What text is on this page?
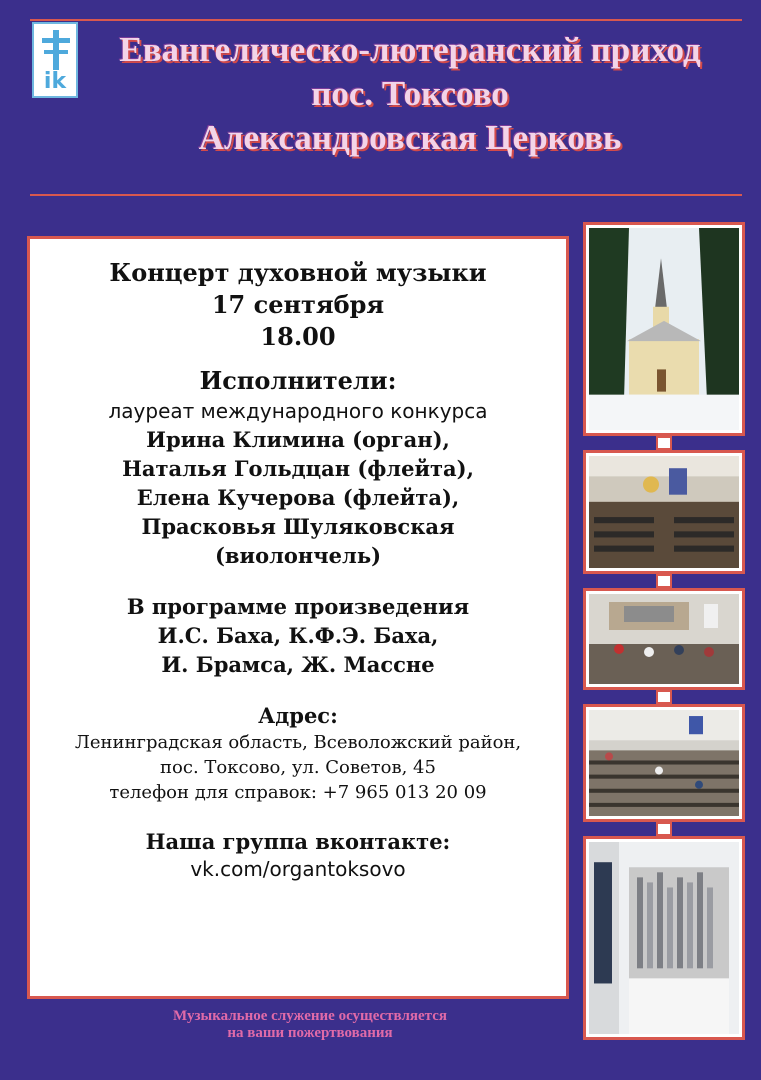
ik

Евангелическо-лютеранский приход

пос. Токсово

Александровская Церковь

Концерт духовной музыки

17 сентября

18.00

Исполнители:

лауреат международного конкурса

Ирина Климина (орган),

Наталья Гольдцан (флейта),

Елена Кучерова (флейта),

Прасковья Шуляковская

(виолончель)

В программе произведения

И.С. Баха, К.Ф.Э. Баха,

И. Брамса, Ж. Массне

Адрес:

Ленинградская область, Всеволожский район,

пос. Токсово, ул. Советов, 45

телефон для справок: +7 965 013 20 09

Наша группа вконтакте:

vk.com/organtoksovo

Музыкальное служение осуществляется

на ваши пожертвования
